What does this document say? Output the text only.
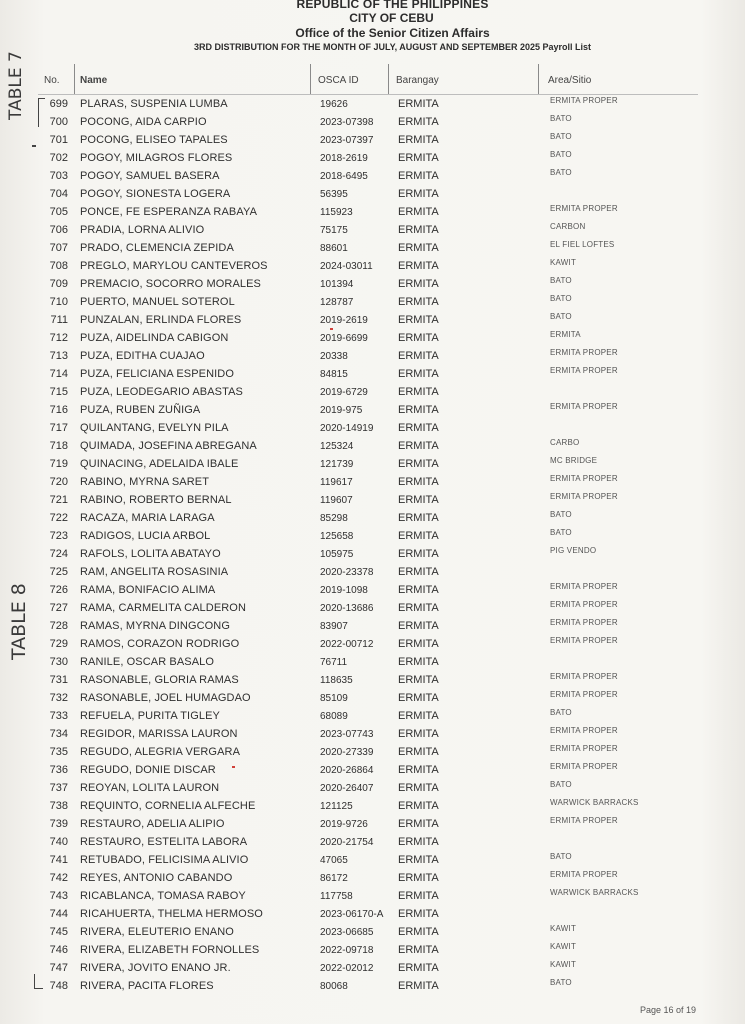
REPUBLIC OF THE PHILIPPINES
CITY OF CEBU
Office of the Senior Citizen Affairs
3RD DISTRIBUTION FOR THE MONTH OF JULY, AUGUST AND SEPTEMBER 2025 Payroll List
No.	Name	OSCA ID	Barangay	Area/Sitio
699 PLARAS, SUSPENIA LUMBA	19626	ERMITA	ERMITA PROPER
700 POCONG, AIDA CARPIO	2023-07398 ERMITA	BATO
701 POCONG, ELISEO TAPALES	2023-07397 ERMITA	BATO
702 POGOY, MILAGROS FLORES	2018-2619	ERMITA	BATO
703 POGOY, SAMUEL BASERA	2018-6495	ERMITA	BATO
704 POGOY, SIONESTA LOGERA	56395	ERMITA
705 PONCE, FE ESPERANZA RABAYA	115923	ERMITA	ERMITA PROPER
706 PRADIA, LORNA ALIVIO	75175	ERMITA	CARBON
707 PRADO, CLEMENCIA ZEPIDA	88601	ERMITA	EL FIEL LOFTES
708 PREGLO, MARYLOU CANTEVEROS	2024-03011 ERMITA	KAWIT
709 PREMACIO, SOCORRO MORALES	101394	ERMITA	BATO
710 PUERTO, MANUEL SOTEROL	128787	ERMITA	BATO
711 PUNZALAN, ERLINDA FLORES	2019-2619	ERMITA	BATO
712 PUZA, AIDELINDA CABIGON	2019-6699	ERMITA	ERMITA
713 PUZA, EDITHA CUAJAO	20338	ERMITA	ERMITA PROPER
714 PUZA, FELICIANA ESPENIDO	84815	ERMITA	ERMITA PROPER
715 PUZA, LEODEGARIO ABASTAS	2019-6729	ERMITA
716 PUZA, RUBEN ZUÑIGA	2019-975	ERMITA	ERMITA PROPER
717 QUILANTANG, EVELYN PILA	2020-14919 ERMITA
718 QUIMADA, JOSEFINA ABREGANA	125324	ERMITA	CARBO
719 QUINACING, ADELAIDA IBALE	121739	ERMITA	MC BRIDGE
720 RABINO, MYRNA SARET	119617	ERMITA	ERMITA PROPER
721 RABINO, ROBERTO BERNAL	119607	ERMITA	ERMITA PROPER
722 RACAZA, MARIA LARAGA	85298	ERMITA	BATO
723 RADIGOS, LUCIA ARBOL	125658	ERMITA	BATO
724 RAFOLS, LOLITA ABATAYO	105975	ERMITA	PIG VENDO
725 RAM, ANGELITA ROSASINIA	2020-23378 ERMITA
726 RAMA, BONIFACIO ALIMA	2019-1098	ERMITA	ERMITA PROPER
727 RAMA, CARMELITA CALDERON	2020-13686 ERMITA	ERMITA PROPER
728 RAMAS, MYRNA DINGCONG	83907	ERMITA	ERMITA PROPER
729 RAMOS, CORAZON RODRIGO	2022-00712 ERMITA	ERMITA PROPER
730 RANILE, OSCAR BASALO	76711	ERMITA
731 RASONABLE, GLORIA RAMAS	118635	ERMITA	ERMITA PROPER
732 RASONABLE, JOEL HUMAGDAO	85109	ERMITA	ERMITA PROPER
733 REFUELA, PURITA TIGLEY	68089	ERMITA	BATO
734 REGIDOR, MARISSA LAURON	2023-07743 ERMITA	ERMITA PROPER
735 REGUDO, ALEGRIA VERGARA	2020-27339 ERMITA	ERMITA PROPER
736 REGUDO, DONIE DISCAR	2020-26864 ERMITA	ERMITA PROPER
737 REOYAN, LOLITA LAURON	2020-26407 ERMITA	BATO
738 REQUINTO, CORNELIA ALFECHE	121125	ERMITA	WARWICK BARRACKS
739 RESTAURO, ADELIA ALIPIO	2019-9726	ERMITA	ERMITA PROPER
740 RESTAURO, ESTELITA LABORA	2020-21754 ERMITA
741 RETUBADO, FELICISIMA ALIVIO	47065	ERMITA	BATO
742 REYES, ANTONIO CABANDO	86172	ERMITA	ERMITA PROPER
743 RICABLANCA, TOMASA RABOY	117758	ERMITA	WARWICK BARRACKS
744 RICAHUERTA, THELMA HERMOSO	2023-06170-A ERMITA
745 RIVERA, ELEUTERIO ENANO	2023-06685 ERMITA	KAWIT
746 RIVERA, ELIZABETH FORNOLLES	2022-09718 ERMITA	KAWIT
747 RIVERA, JOVITO ENANO JR.	2022-02012 ERMITA	KAWIT
748 RIVERA, PACITA FLORES	80068	ERMITA	BATO
TABLE 7
TABLE 8
Page 16 of 19
